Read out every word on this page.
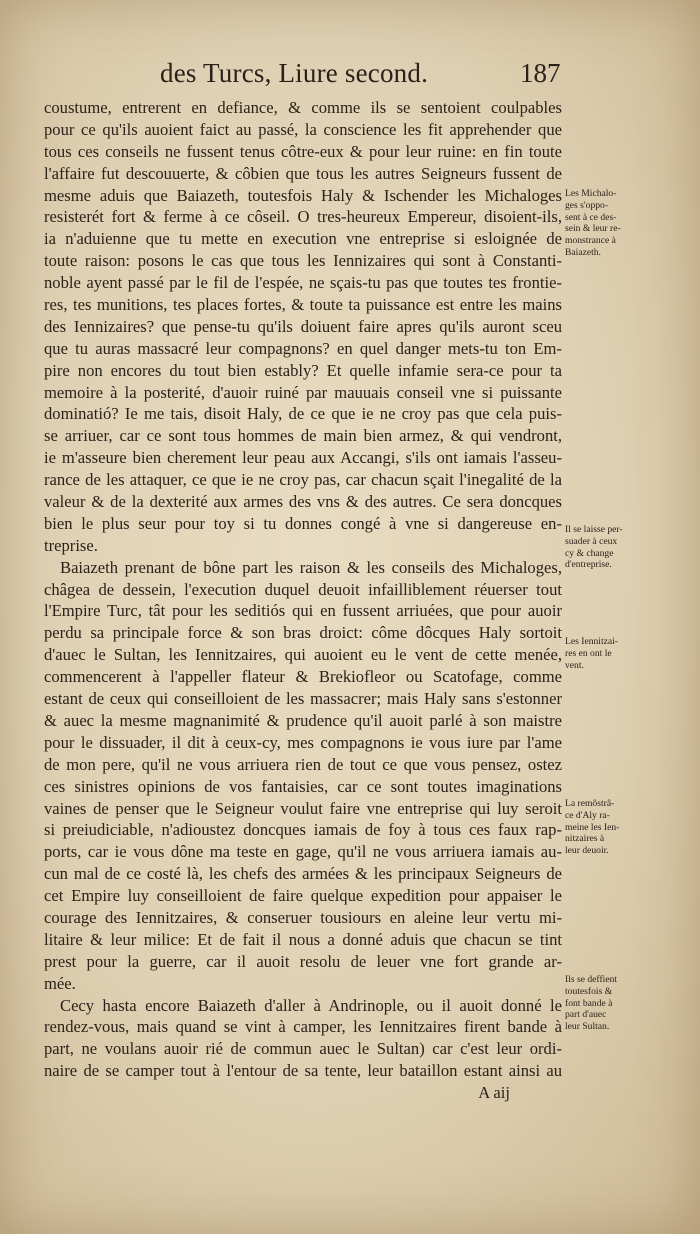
des Turcs, Liure second.	187
coustume, entrerent en defiance, & comme ils se sentoient coulpables
pour ce qu'ils auoient faict au passé, la conscience les fit apprehender que
tous ces conseils ne fussent tenus côtre-eux & pour leur ruine: en fin toute
l'affaire fut descouuerte, & côbien que tous les autres Seigneurs fussent de
mesme aduis que Baiazeth, toutesfois Haly & Ischender les Michaloges
resisterét fort & ferme à ce côseil. O tres-heureux Empereur, disoient-ils,
ia n'aduienne que tu mette en execution vne entreprise si esloignée de
toute raison: posons le cas que tous les Iennizaires qui sont à Constanti-
noble ayent passé par le fil de l'espée, ne sçais-tu pas que toutes tes frontie-
res, tes munitions, tes places fortes, & toute ta puissance est entre les mains
des Iennizaires? que pense-tu qu'ils doiuent faire apres qu'ils auront sceu
que tu auras massacré leur compagnons? en quel danger mets-tu ton Em-
pire non encores du tout bien estably? Et quelle infamie sera-ce pour ta
memoire à la posterité, d'auoir ruiné par mauuais conseil vne si puissante
dominatió? Ie me tais, disoit Haly, de ce que ie ne croy pas que cela puis-
se arriuer, car ce sont tous hommes de main bien armez, & qui vendront,
ie m'asseure bien cherement leur peau aux Accangi, s'ils ont iamais l'asseu-
rance de les attaquer, ce que ie ne croy pas, car chacun sçait l'inegalité de la
valeur & de la dexterité aux armes des vns & des autres. Ce sera doncques
bien le plus seur pour toy si tu donnes congé à vne si dangereuse en-
treprise.
Baiazeth prenant de bône part les raison & les conseils des Michaloges,
châgea de dessein, l'execution duquel deuoit infailliblement réuerser tout
l'Empire Turc, tât pour les seditiós qui en fussent arriuées, que pour auoir
perdu sa principale force & son bras droict: côme dôcques Haly sortoit
d'auec le Sultan, les Iennitzaires, qui auoient eu le vent de cette menée,
commencerent à l'appeller flateur & Brekiofleor ou Scatofage, comme
estant de ceux qui conseilloient de les massacrer; mais Haly sans s'estonner
& auec la mesme magnanimité & prudence qu'il auoit parlé à son maistre
pour le dissuader, il dit à ceux-cy, mes compagnons ie vous iure par l'ame
de mon pere, qu'il ne vous arriuera rien de tout ce que vous pensez, ostez
ces sinistres opinions de vos fantaisies, car ce sont toutes imaginations
vaines de penser que le Seigneur voulut faire vne entreprise qui luy seroit
si preiudiciable, n'adioustez doncques iamais de foy à tous ces faux rap-
ports, car ie vous dône ma teste en gage, qu'il ne vous arriuera iamais au-
cun mal de ce costé là, les chefs des armées & les principaux Seigneurs de
cet Empire luy conseilloient de faire quelque expedition pour appaiser le
courage des Iennitzaires, & conseruer tousiours en aleine leur vertu mi-
litaire & leur milice: Et de fait il nous a donné aduis que chacun se tint
prest pour la guerre, car il auoit resolu de leuer vne fort grande ar-
mée.
Cecy hasta encore Baiazeth d'aller à Andrinople, ou il auoit donné le
rendez-vous, mais quand se vint à camper, les Iennitzaires firent bande à
part, ne voulans auoir rié de commun auec le Sultan) car c'est leur ordi-
naire de se camper tout à l'entour de sa tente, leur bataillon estant ainsi au
A aij
Les Michalo-
ges s'oppo-
sent à ce des-
sein & leur re-
monstrance à
Baiazeth.
Il se laisse per-
suader à ceux
cy & change
d'entreprise.
Les Iennitzai-
res en ont le
vent.
La remôstrâ-
ce d'Aly ra-
meine les Ien-
nitzaires à
leur deuoir.
Ils se deffient
toutesfois &
font bande à
part d'auec
leur Sultan.
